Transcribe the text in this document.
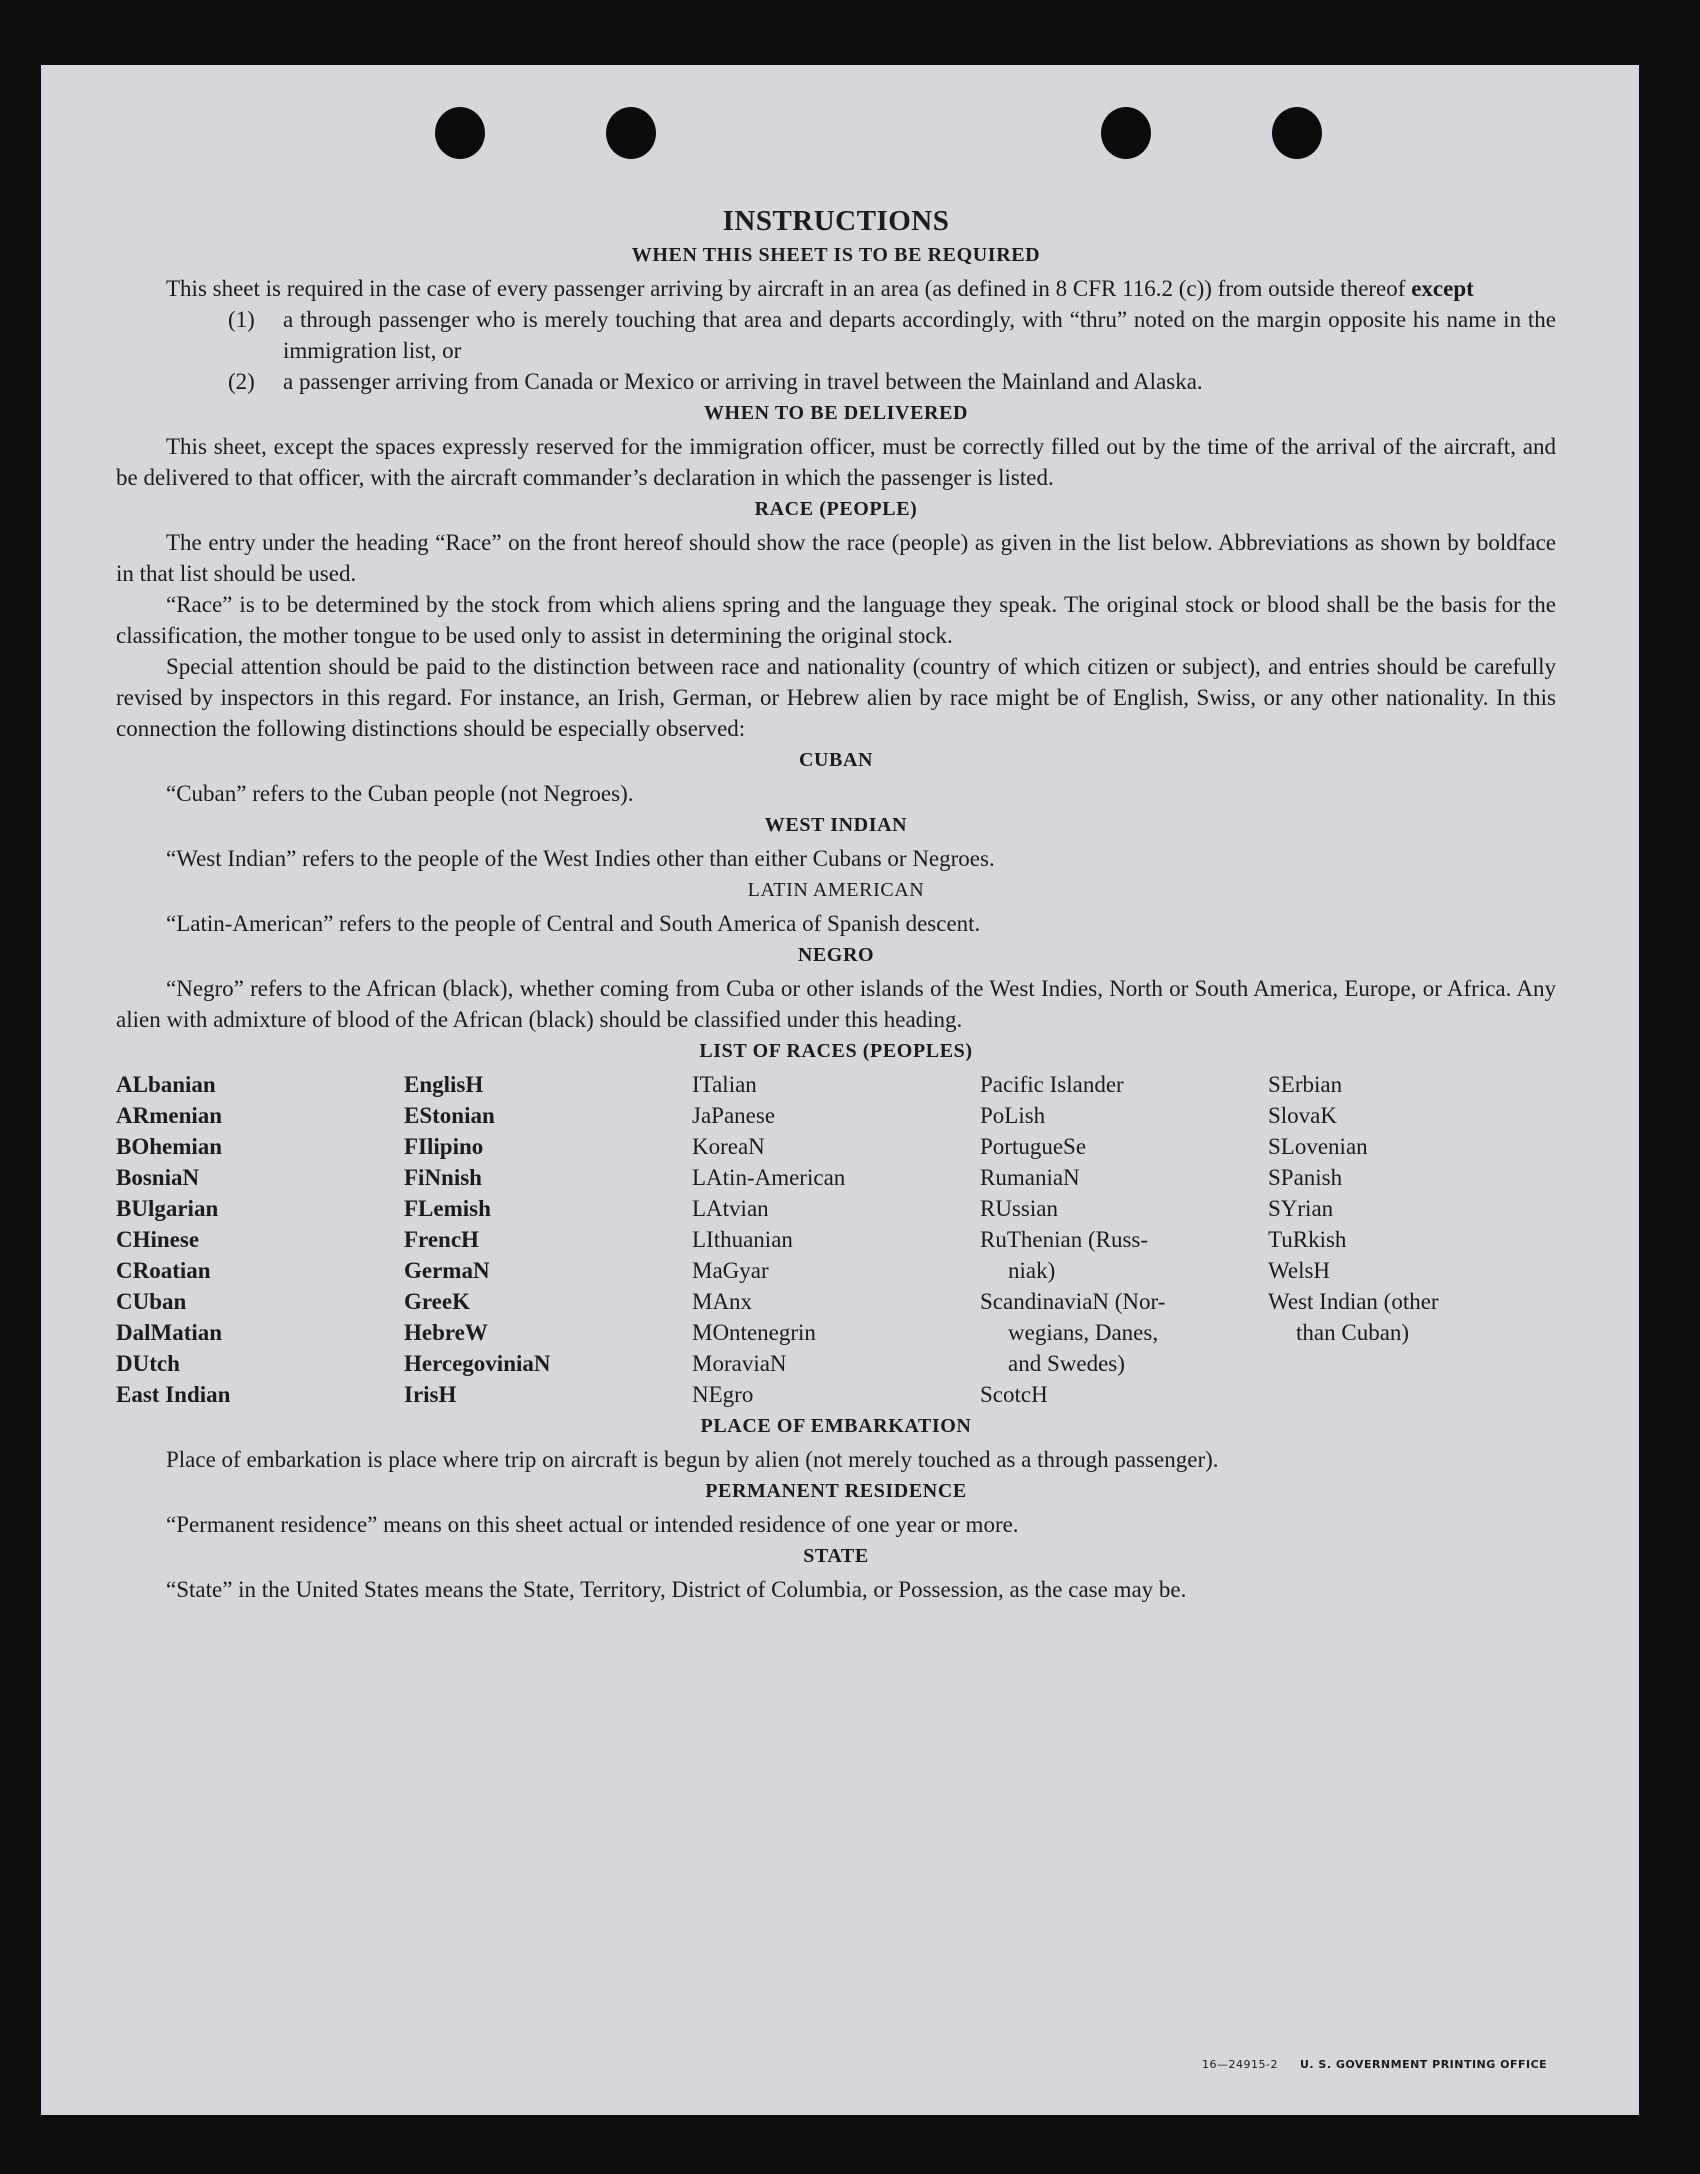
INSTRUCTIONS
WHEN THIS SHEET IS TO BE REQUIRED

This sheet is required in the case of every passenger arriving by aircraft in an area (as defined in 8 CFR 116.2 (c)) from outside thereof except

(1)	a through passenger who is merely touching that area and departs accordingly, with “thru” noted on the margin opposite his name in the immigration list, or
(2)	a passenger arriving from Canada or Mexico or arriving in travel between the Mainland and Alaska.
WHEN TO BE DELIVERED

This sheet, except the spaces expressly reserved for the immigration officer, must be correctly filled out by the time of the arrival of the aircraft, and be delivered to that officer, with the aircraft commander’s declaration in which the passenger is listed.

RACE (PEOPLE)

The entry under the heading “Race” on the front hereof should show the race (people) as given in the list below. Abbreviations as shown by boldface in that list should be used.

“Race” is to be determined by the stock from which aliens spring and the language they speak. The original stock or blood shall be the basis for the classification, the mother tongue to be used only to assist in determining the original stock.

Special attention should be paid to the distinction between race and nationality (country of which citizen or subject), and entries should be carefully revised by inspectors in this regard. For instance, an Irish, German, or Hebrew alien by race might be of English, Swiss, or any other nationality. In this connection the following distinctions should be especially observed:

CUBAN

“Cuban” refers to the Cuban people (not Negroes).

WEST INDIAN

“West Indian” refers to the people of the West Indies other than either Cubans or Negroes.

LATIN AMERICAN

“Latin-American” refers to the people of Central and South America of Spanish descent.

NEGRO

“Negro” refers to the African (black), whether coming from Cuba or other islands of the West Indies, North or South America, Europe, or Africa. Any alien with admixture of blood of the African (black) should be classified under this heading.

LIST OF RACES (PEOPLES)
ALbanian
ARmenian
BOhemian
BosniaN
BUlgarian
CHinese
CRoatian
CUban
DalMatian
DUtch
East Indian
EnglisH
EStonian
FIlipino
FiNnish
FLemish
FrencH
GermaN
GreeK
HebreW
HercegoviniaN
IrisH
ITalian
JaPanese
KoreaN
LAtin-American
LAtvian
LIthuanian
MaGyar
MAnx
MOntenegrin
MoraviaN
NEgro
Pacific Islander
PoLish
PortugueSe
RumaniaN
RUssian
RuThenian (Russ-
niak)
ScandinaviaN (Nor-
wegians, Danes,
and Swedes)
ScotcH
SErbian
SlovaK
SLovenian
SPanish
SYrian
TuRkish
WelsH
West Indian (other
than Cuban)
PLACE OF EMBARKATION

Place of embarkation is place where trip on aircraft is begun by alien (not merely touched as a through passenger).

PERMANENT RESIDENCE

“Permanent residence” means on this sheet actual or intended residence of one year or more.

STATE

“State” in the United States means the State, Territory, District of Columbia, or Possession, as the case may be.

16—24915-2 U. S. GOVERNMENT PRINTING OFFICE
